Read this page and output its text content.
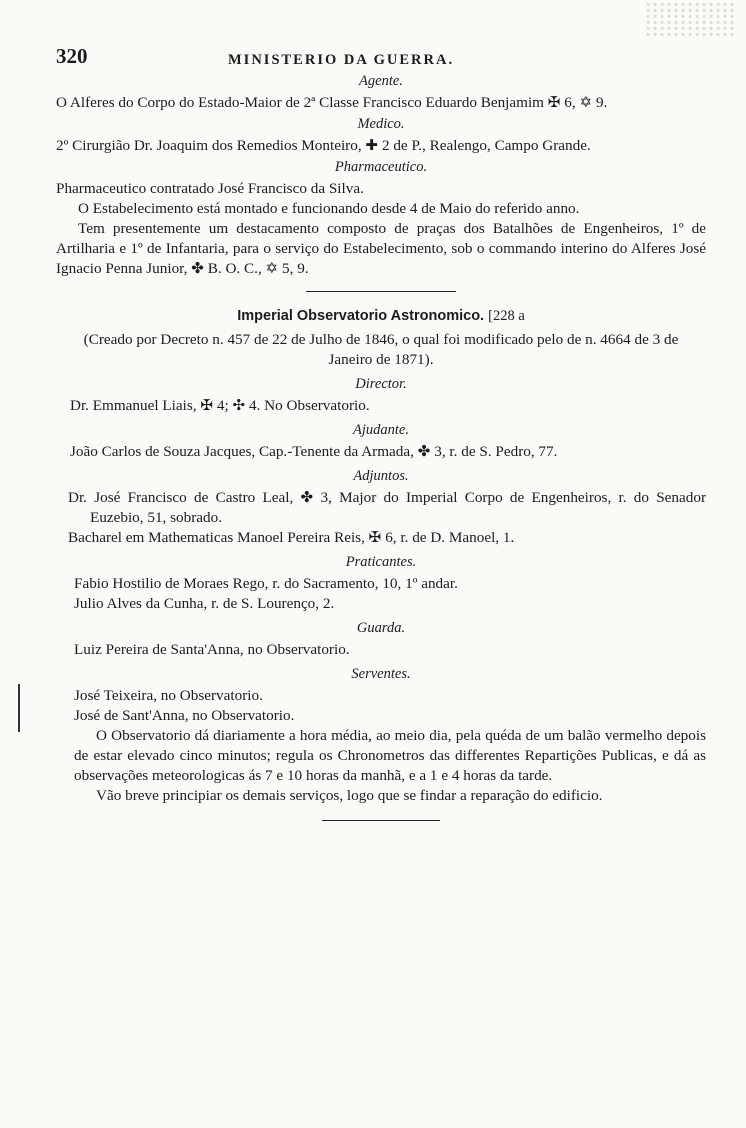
320	MINISTERIO DA GUERRA.
Agente.

O Alferes do Corpo do Estado-Maior de 2ª Classe Francisco Eduardo Benjamim ✠ 6, ✡ 9.

Medico.

2º Cirurgião Dr. Joaquim dos Remedios Monteiro, ✚ 2 de P., Realengo, Campo Grande.

Pharmaceutico.

Pharmaceutico contratado José Francisco da Silva.

O Estabelecimento está montado e funcionando desde 4 de Maio do referido anno.

Tem presentemente um destacamento composto de praças dos Batalhões de Engenheiros, 1º de Artilharia e 1º de Infantaria, para o serviço do Estabelecimento, sob o commando interino do Alferes José Ignacio Penna Junior, ✤ B. O. C., ✡ 5, 9.

Imperial Observatorio Astronomico. [228 a

(Creado por Decreto n. 457 de 22 de Julho de 1846, o qual foi modificado pelo de n. 4664 de 3 de Janeiro de 1871).

Director.

Dr. Emmanuel Liais, ✠ 4; ✣ 4. No Observatorio.

Ajudante.

João Carlos de Souza Jacques, Cap.-Tenente da Armada, ✤ 3, r. de S. Pedro, 77.

Adjuntos.

Dr. José Francisco de Castro Leal, ✤ 3, Major do Imperial Corpo de Engenheiros, r. do Senador Euzebio, 51, sobrado.

Bacharel em Mathematicas Manoel Pereira Reis, ✠ 6, r. de D. Manoel, 1.

Praticantes.

Fabio Hostilio de Moraes Rego, r. do Sacramento, 10, 1º andar.

Julio Alves da Cunha, r. de S. Lourenço, 2.

Guarda.

Luiz Pereira de Santa'Anna, no Observatorio.

Serventes.

José Teixeira, no Observatorio.

José de Sant'Anna, no Observatorio.

O Observatorio dá diariamente a hora média, ao meio dia, pela quéda de um balão vermelho depois de estar elevado cinco minutos; regula os Chronometros das differentes Repartições Publicas, e dá as observações meteorologicas ás 7 e 10 horas da manhã, e a 1 e 4 horas da tarde.

Vão breve principiar os demais serviços, logo que se findar a reparação do edificio.
